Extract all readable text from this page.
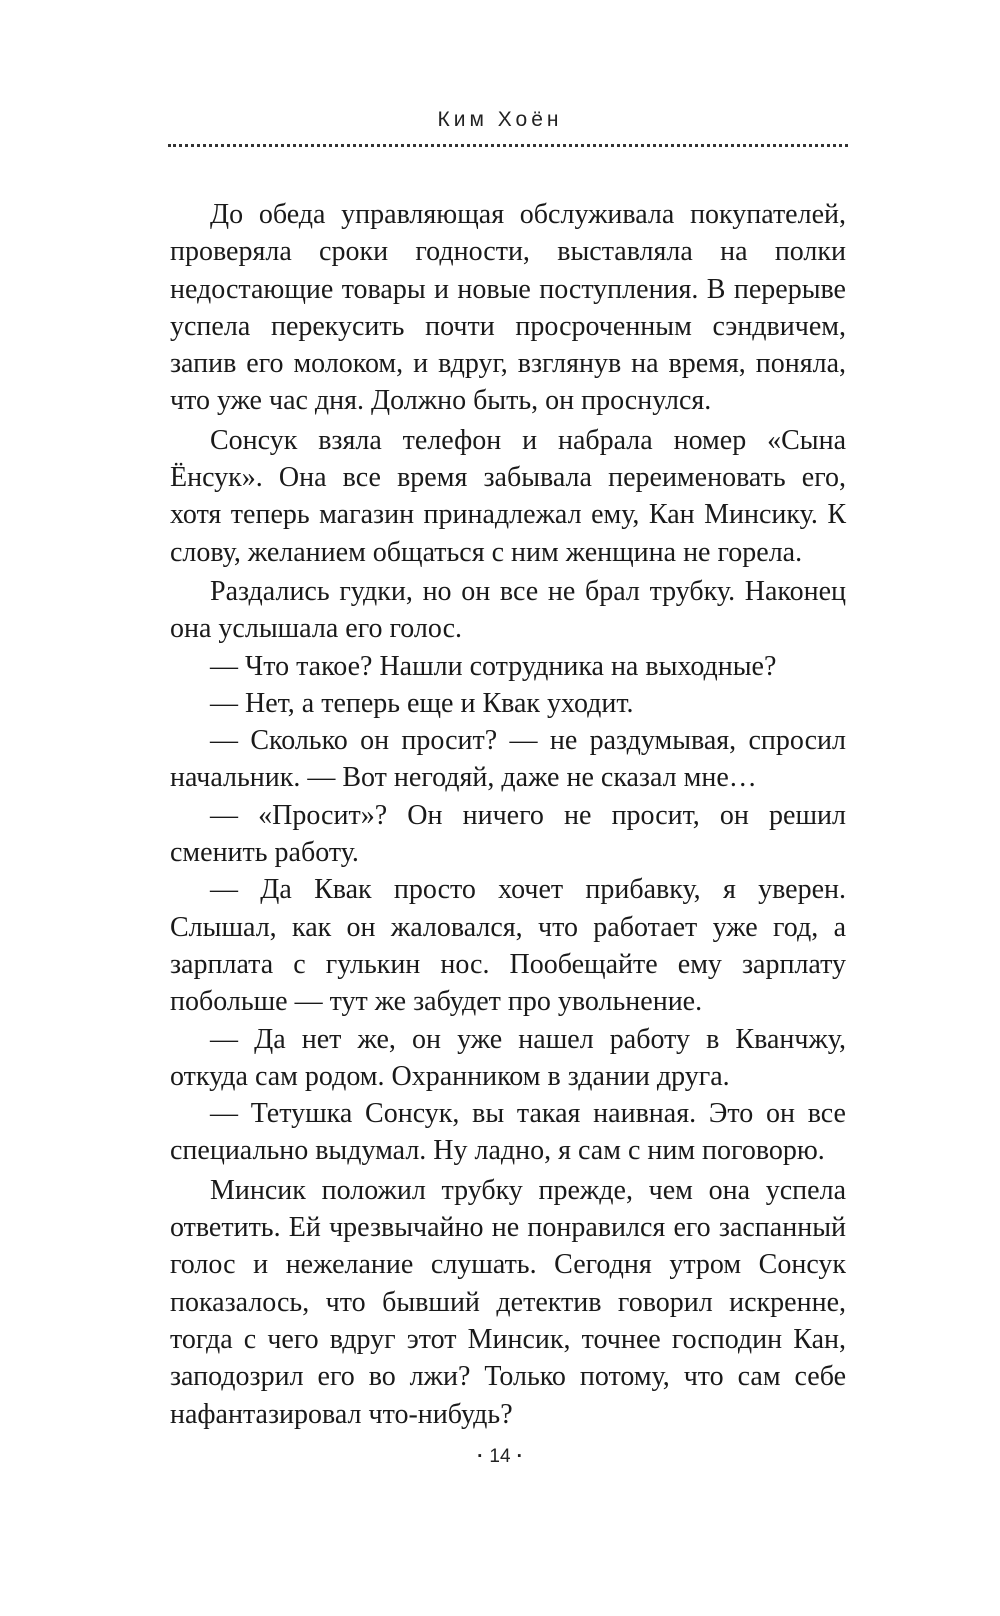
Ким Хоён

До обеда управляющая обслуживала покупателей, проверяла сроки годности, выставляла на полки недостающие товары и новые поступления. В перерыве успела перекусить почти просроченным сэндвичем, запив его молоком, и вдруг, взглянув на время, поняла, что уже час дня. Должно быть, он проснулся.

Сонсук взяла телефон и набрала номер «Сына Ёнсук». Она все время забывала переименовать его, хотя теперь магазин принадлежал ему, Кан Минсику. К слову, желанием общаться с ним женщина не горела.

Раздались гудки, но он все не брал трубку. Наконец она услышала его голос.

— Что такое? Нашли сотрудника на выходные?

— Нет, а теперь еще и Квак уходит.

— Сколько он просит? — не раздумывая, спросил начальник. — Вот негодяй, даже не сказал мне…

— «Просит»? Он ничего не просит, он решил сменить работу.

— Да Квак просто хочет прибавку, я уверен. Слышал, как он жаловался, что работает уже год, а зарплата с гулькин нос. Пообещайте ему зарплату побольше — тут же забудет про увольнение.

— Да нет же, он уже нашел работу в Кванчжу, откуда сам родом. Охранником в здании друга.

— Тетушка Сонсук, вы такая наивная. Это он все специально выдумал. Ну ладно, я сам с ним поговорю.

Минсик положил трубку прежде, чем она успела ответить. Ей чрезвычайно не понравился его заспанный голос и нежелание слушать. Сегодня утром Сонсук показалось, что бывший детектив говорил искренне, тогда с чего вдруг этот Минсик, точнее господин Кан, заподозрил его во лжи? Только потому, что сам себе нафантазировал что-нибудь?

· 14 ·
